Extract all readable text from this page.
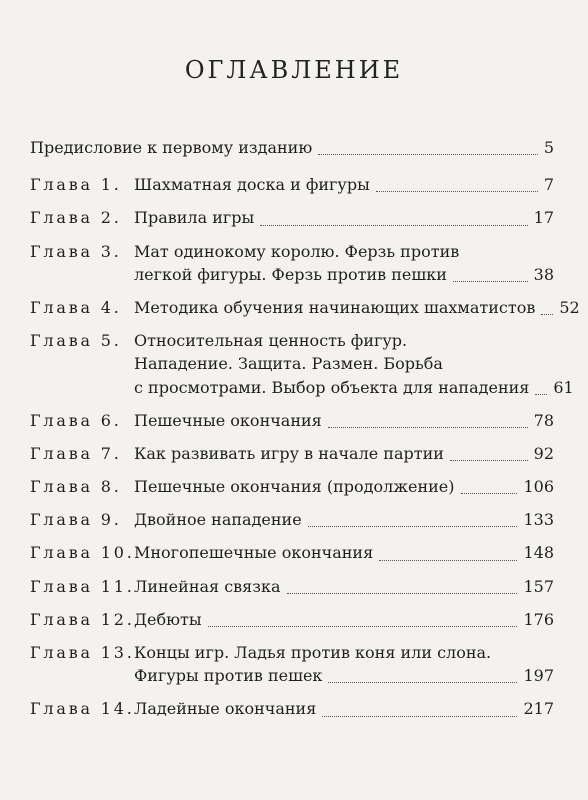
ОГЛАВЛЕНИЕ
Предисловие к первому изданию	5
Глава 1. Шахматная доска и фигуры	7
Глава 2. Правила игры	17
Глава 3. Мат одинокому королю. Ферзь против
легкой фигуры. Ферзь против пешки	38
Глава 4. Методика обучения начинающих шахматистов 52
Глава 5. Относительная ценность фигур.
Нападение. Защита. Размен. Борьба
с просмотрами. Выбор объекта для нападения 61
Глава 6. Пешечные окончания	78
Глава 7. Как развивать игру в начале партии	92
Глава 8. Пешечные окончания (продолжение)	106
Глава 9. Двойное нападение	133
Глава 10. Многопешечные окончания	148
Глава 11. Линейная связка	157
Глава 12. Дебюты	176
Глава 13. Концы игр. Ладья против коня или слона.
Фигуры против пешек	197
Глава 14. Ладейные окончания	217
